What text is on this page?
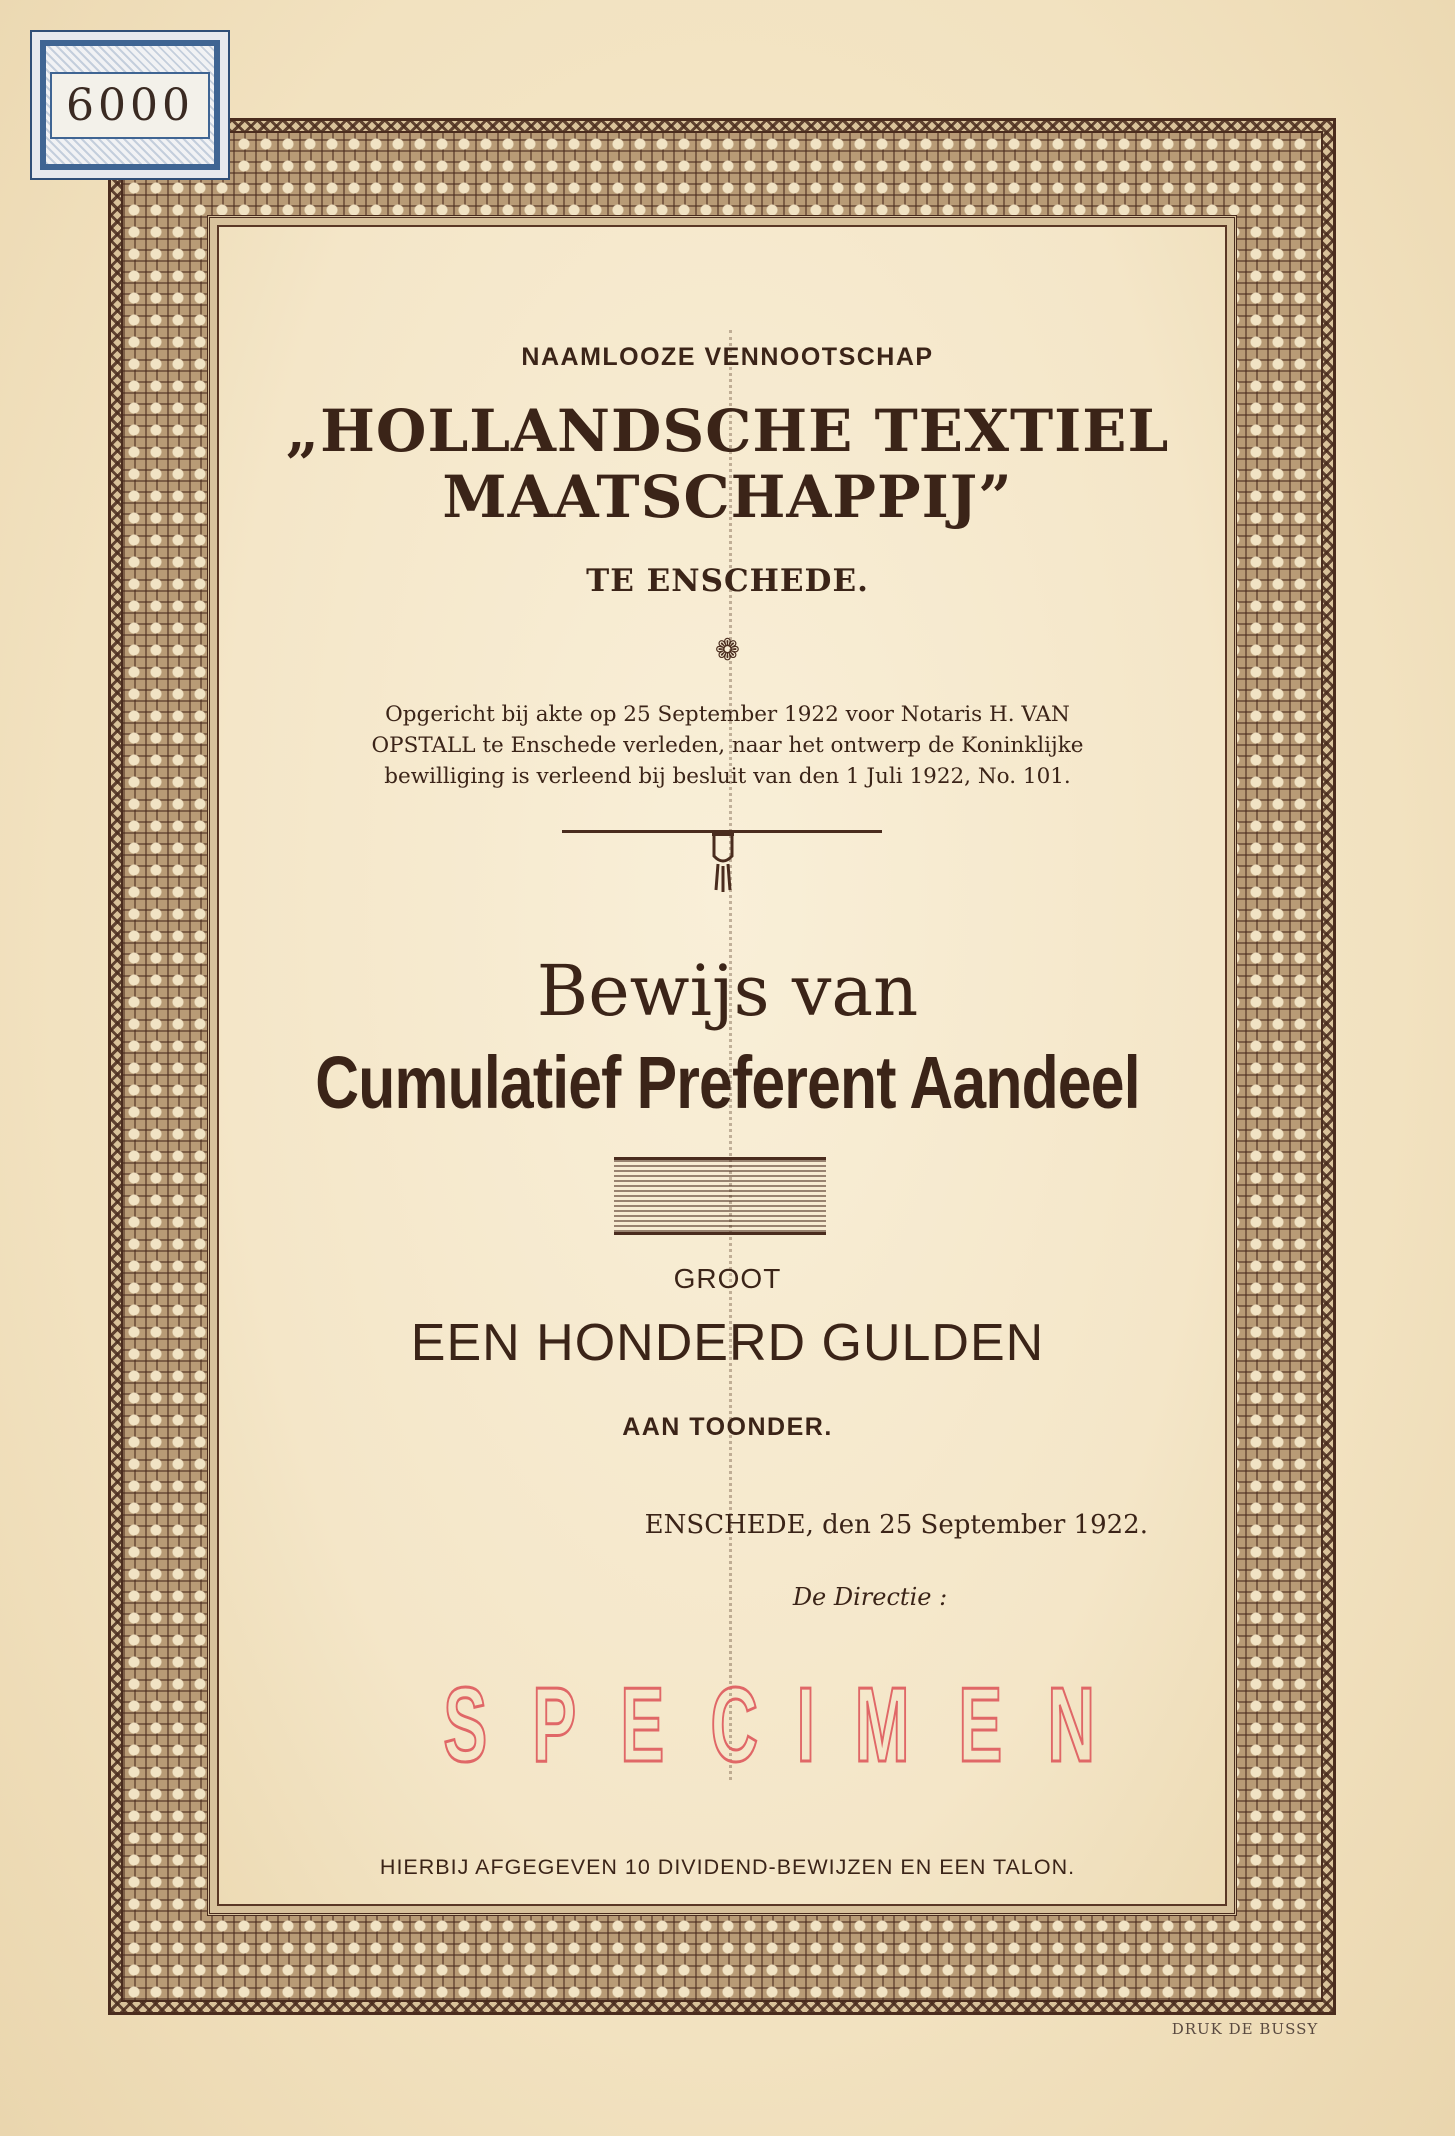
6000
NAAMLOOZE VENNOOTSCHAP
„HOLLANDSCHE TEXTIEL
MAATSCHAPPIJ”
TE ENSCHEDE.
❁
Opgericht bij akte op 25 September 1922 voor Notaris H. VAN
OPSTALL te Enschede verleden, naar het ontwerp de Koninklijke
bewilliging is verleend bij besluit van den 1 Juli 1922, No. 101.
Bewijs van
Cumulatief Preferent Aandeel
GROOT
EEN HONDERD GULDEN
AAN TOONDER.
ENSCHEDE, den 25 September 1922.
De Directie :
S P E C I M E N
HIERBIJ AFGEGEVEN 10 DIVIDEND-BEWIJZEN EN EEN TALON.
DRUK DE BUSSY
